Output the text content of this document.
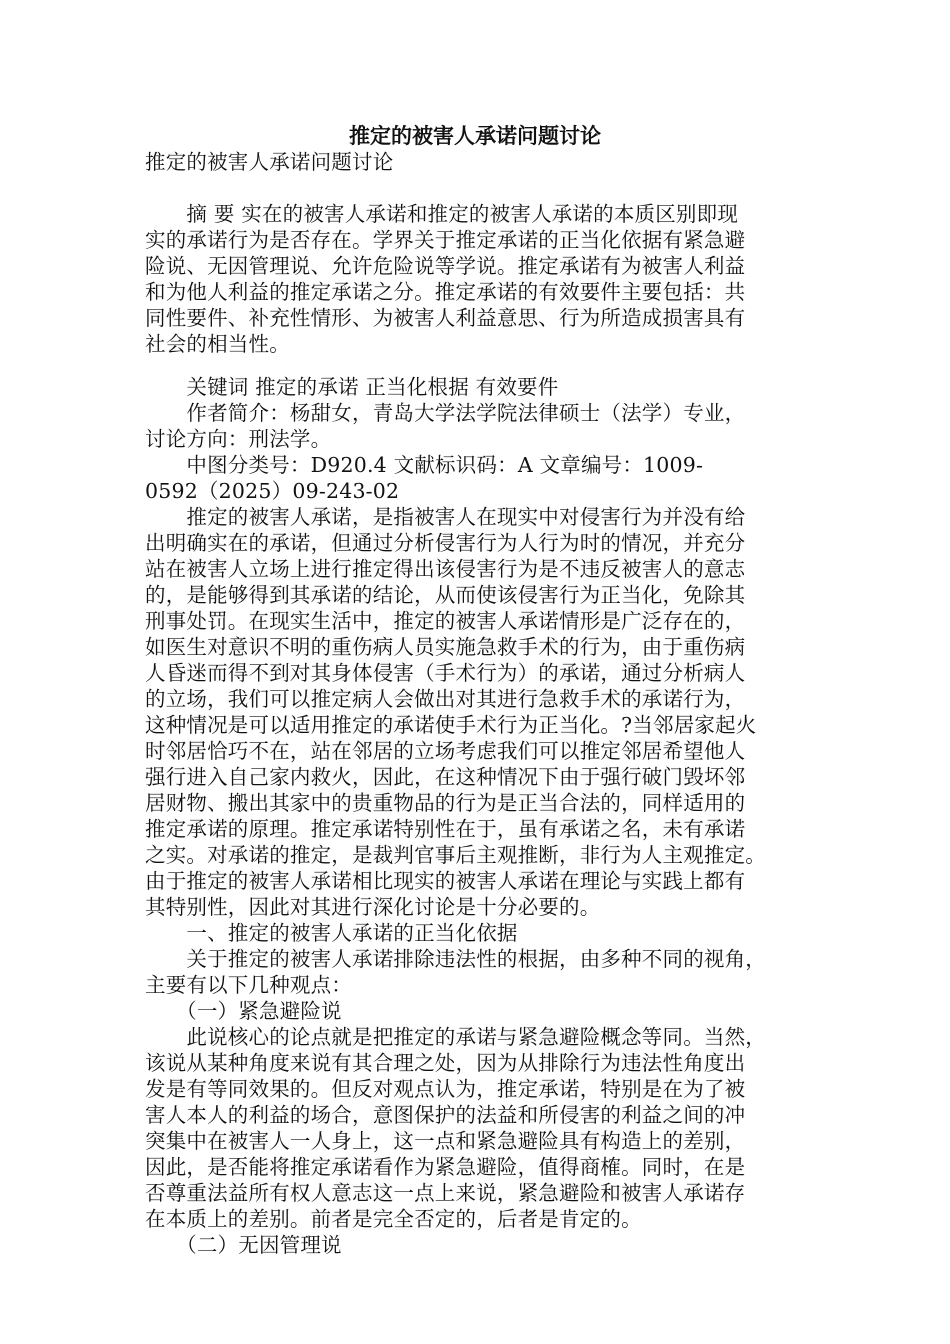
推定的被害人承诺问题讨论
推定的被害人承诺问题讨论
　　摘 要 实在的被害人承诺和推定的被害人承诺的本质区别即现
实的承诺行为是否存在。学界关于推定承诺的正当化依据有紧急避
险说、无因管理说、允许危险说等学说。推定承诺有为被害人利益
和为他人利益的推定承诺之分。推定承诺的有效要件主要包括：共
同性要件、补充性情形、为被害人利益意思、行为所造成损害具有
社会的相当性。
　　关键词 推定的承诺 正当化根据 有效要件
　　作者简介：杨甜女，青岛大学法学院法律硕士（法学）专业，
讨论方向：刑法学。
　　中图分类号：D920.4 文献标识码：A 文章编号：1009-
0592（2025）09-243-02
　　推定的被害人承诺，是指被害人在现实中对侵害行为并没有给
出明确实在的承诺，但通过分析侵害行为人行为时的情况，并充分
站在被害人立场上进行推定得出该侵害行为是不违反被害人的意志
的，是能够得到其承诺的结论，从而使该侵害行为正当化，免除其
刑事处罚。在现实生活中，推定的被害人承诺情形是广泛存在的，
如医生对意识不明的重伤病人员实施急救手术的行为，由于重伤病
人昏迷而得不到对其身体侵害（手术行为）的承诺，通过分析病人
的立场，我们可以推定病人会做出对其进行急救手术的承诺行为，
这种情况是可以适用推定的承诺使手术行为正当化。?当邻居家起火
时邻居恰巧不在，站在邻居的立场考虑我们可以推定邻居希望他人
强行进入自己家内救火，因此，在这种情况下由于强行破门毁坏邻
居财物、搬出其家中的贵重物品的行为是正当合法的，同样适用的
推定承诺的原理。推定承诺特别性在于，虽有承诺之名，未有承诺
之实。对承诺的推定，是裁判官事后主观推断，非行为人主观推定。
由于推定的被害人承诺相比现实的被害人承诺在理论与实践上都有
其特别性，因此对其进行深化讨论是十分必要的。
　　一、推定的被害人承诺的正当化依据
　　关于推定的被害人承诺排除违法性的根据，由多种不同的视角，
主要有以下几种观点：
　　（一）紧急避险说
　　此说核心的论点就是把推定的承诺与紧急避险概念等同。当然，
该说从某种角度来说有其合理之处，因为从排除行为违法性角度出
发是有等同效果的。但反对观点认为，推定承诺，特别是在为了被
害人本人的利益的场合，意图保护的法益和所侵害的利益之间的冲
突集中在被害人一人身上，这一点和紧急避险具有构造上的差别，
因此，是否能将推定承诺看作为紧急避险，值得商榷。同时，在是
否尊重法益所有权人意志这一点上来说，紧急避险和被害人承诺存
在本质上的差别。前者是完全否定的，后者是肯定的。
　　（二）无因管理说
